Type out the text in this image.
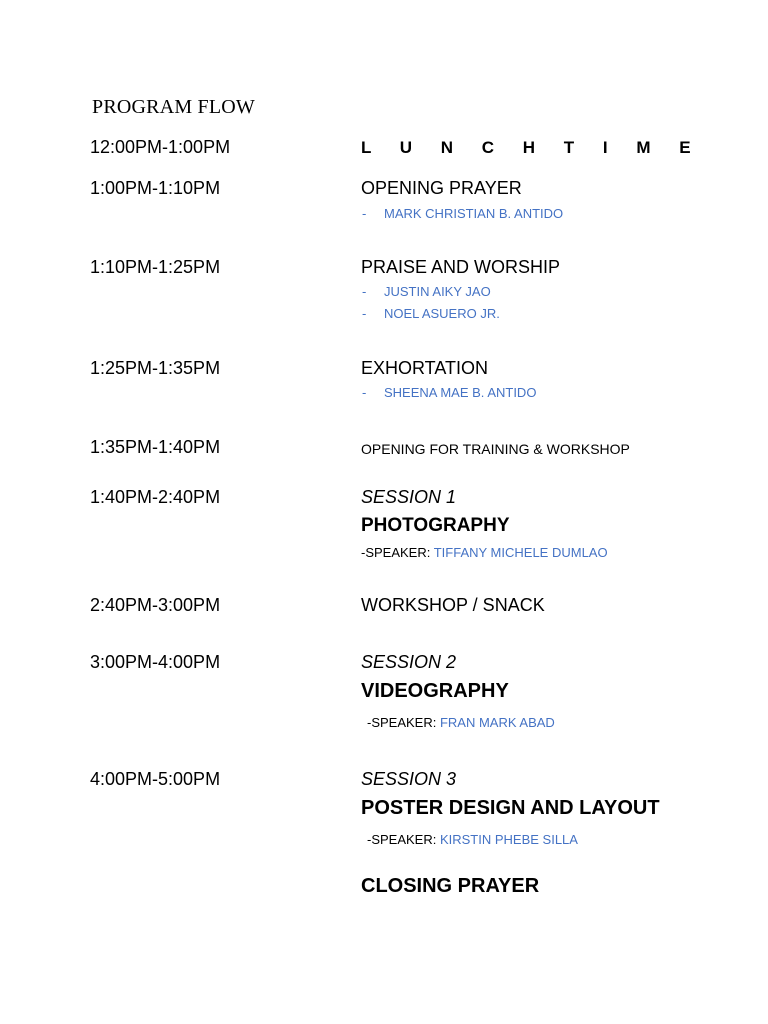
PROGRAM FLOW
12:00PM-1:00PM	L U N C H T I M E
1:00PM-1:10PM	OPENING PRAYER
- MARK CHRISTIAN B. ANTIDO
1:10PM-1:25PM	PRAISE AND WORSHIP
- JUSTIN AIKY JAO
- NOEL ASUERO JR.
1:25PM-1:35PM	EXHORTATION
- SHEENA MAE B. ANTIDO
1:35PM-1:40PM	OPENING FOR TRAINING & WORKSHOP
1:40PM-2:40PM	SESSION 1
PHOTOGRAPHY
-SPEAKER: TIFFANY MICHELE DUMLAO
2:40PM-3:00PM	WORKSHOP / SNACK
3:00PM-4:00PM	SESSION 2
VIDEOGRAPHY
-SPEAKER: FRAN MARK ABAD
4:00PM-5:00PM	SESSION 3
POSTER DESIGN AND LAYOUT
-SPEAKER: KIRSTIN PHEBE SILLA
CLOSING PRAYER
